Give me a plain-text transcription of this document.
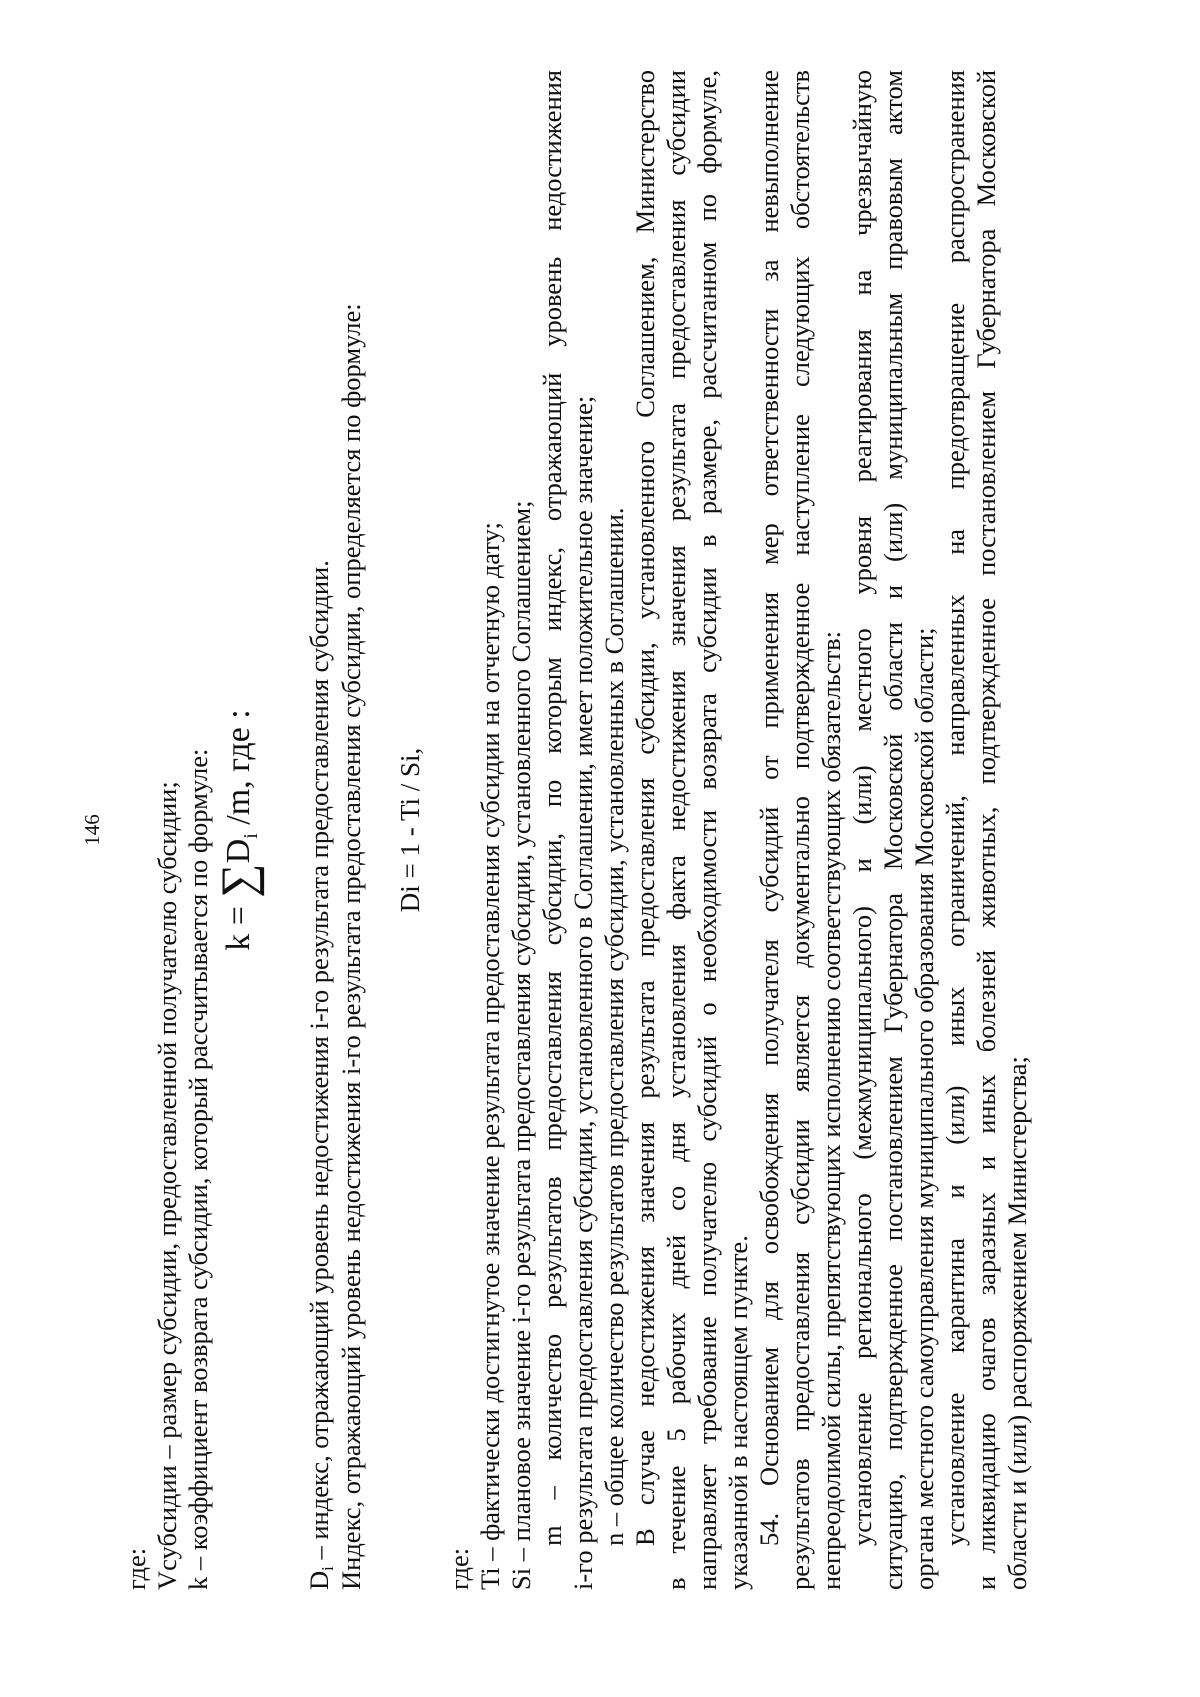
146
где: Vсубсидии – размер субсидии, предоставленной получателю субсидии; k – коэффициент возврата субсидии, который рассчитывается по формуле: $k = \sum D_i$ /m, где :
$D_i$ – индекс, отражающий уровень недостижения i-го результата предоставления субсидии. Индекс, отражающий уровень недостижения i-го результата предоставления субсидии, определяется по формуле: Di = 1 - Ti / Si,
где: Ti – фактически достигнутое значение результата предоставления субсидии на отчетную дату; Si – плановое значение i-го результата предоставления субсидии, установленного Соглашением; m – количество результатов предоставления субсидии, по которым индекс, отражающий уровень недостижения i-го результата предоставления субсидии, установленного в Соглашении, имеет положительное значение; n – общее количество результатов предоставления субсидии, установленных в Соглашении. В случае недостижения значения результата предоставления субсидии, установленного Соглашением, Министерство в течение 5 рабочих дней со дня установления факта недостижения значения результата предоставления субсидии направляет требование получателю субсидий о необходимости возврата субсидии в размере, рассчитанном по формуле, указанной в настоящем пункте. 54. Основанием для освобождения получателя субсидий от применения мер ответственности за невыполнение результатов предоставления субсидии является документально подтвержденное наступление следующих обстоятельств непреодолимой силы, препятствующих исполнению соответствующих обязательств: установление регионального (межмуниципального) и (или) местного уровня реагирования на чрезвычайную ситуацию, подтвержденное постановлением Губернатора Московской области и (или) муниципальным правовым актом органа местного самоуправления муниципального образования Московской области; установление карантина и (или) иных ограничений, направленных на предотвращение распространения и ликвидацию очагов заразных и иных болезней животных, подтвержденное постановлением Губернатора Московской области и (или) распоряжением Министерства;
